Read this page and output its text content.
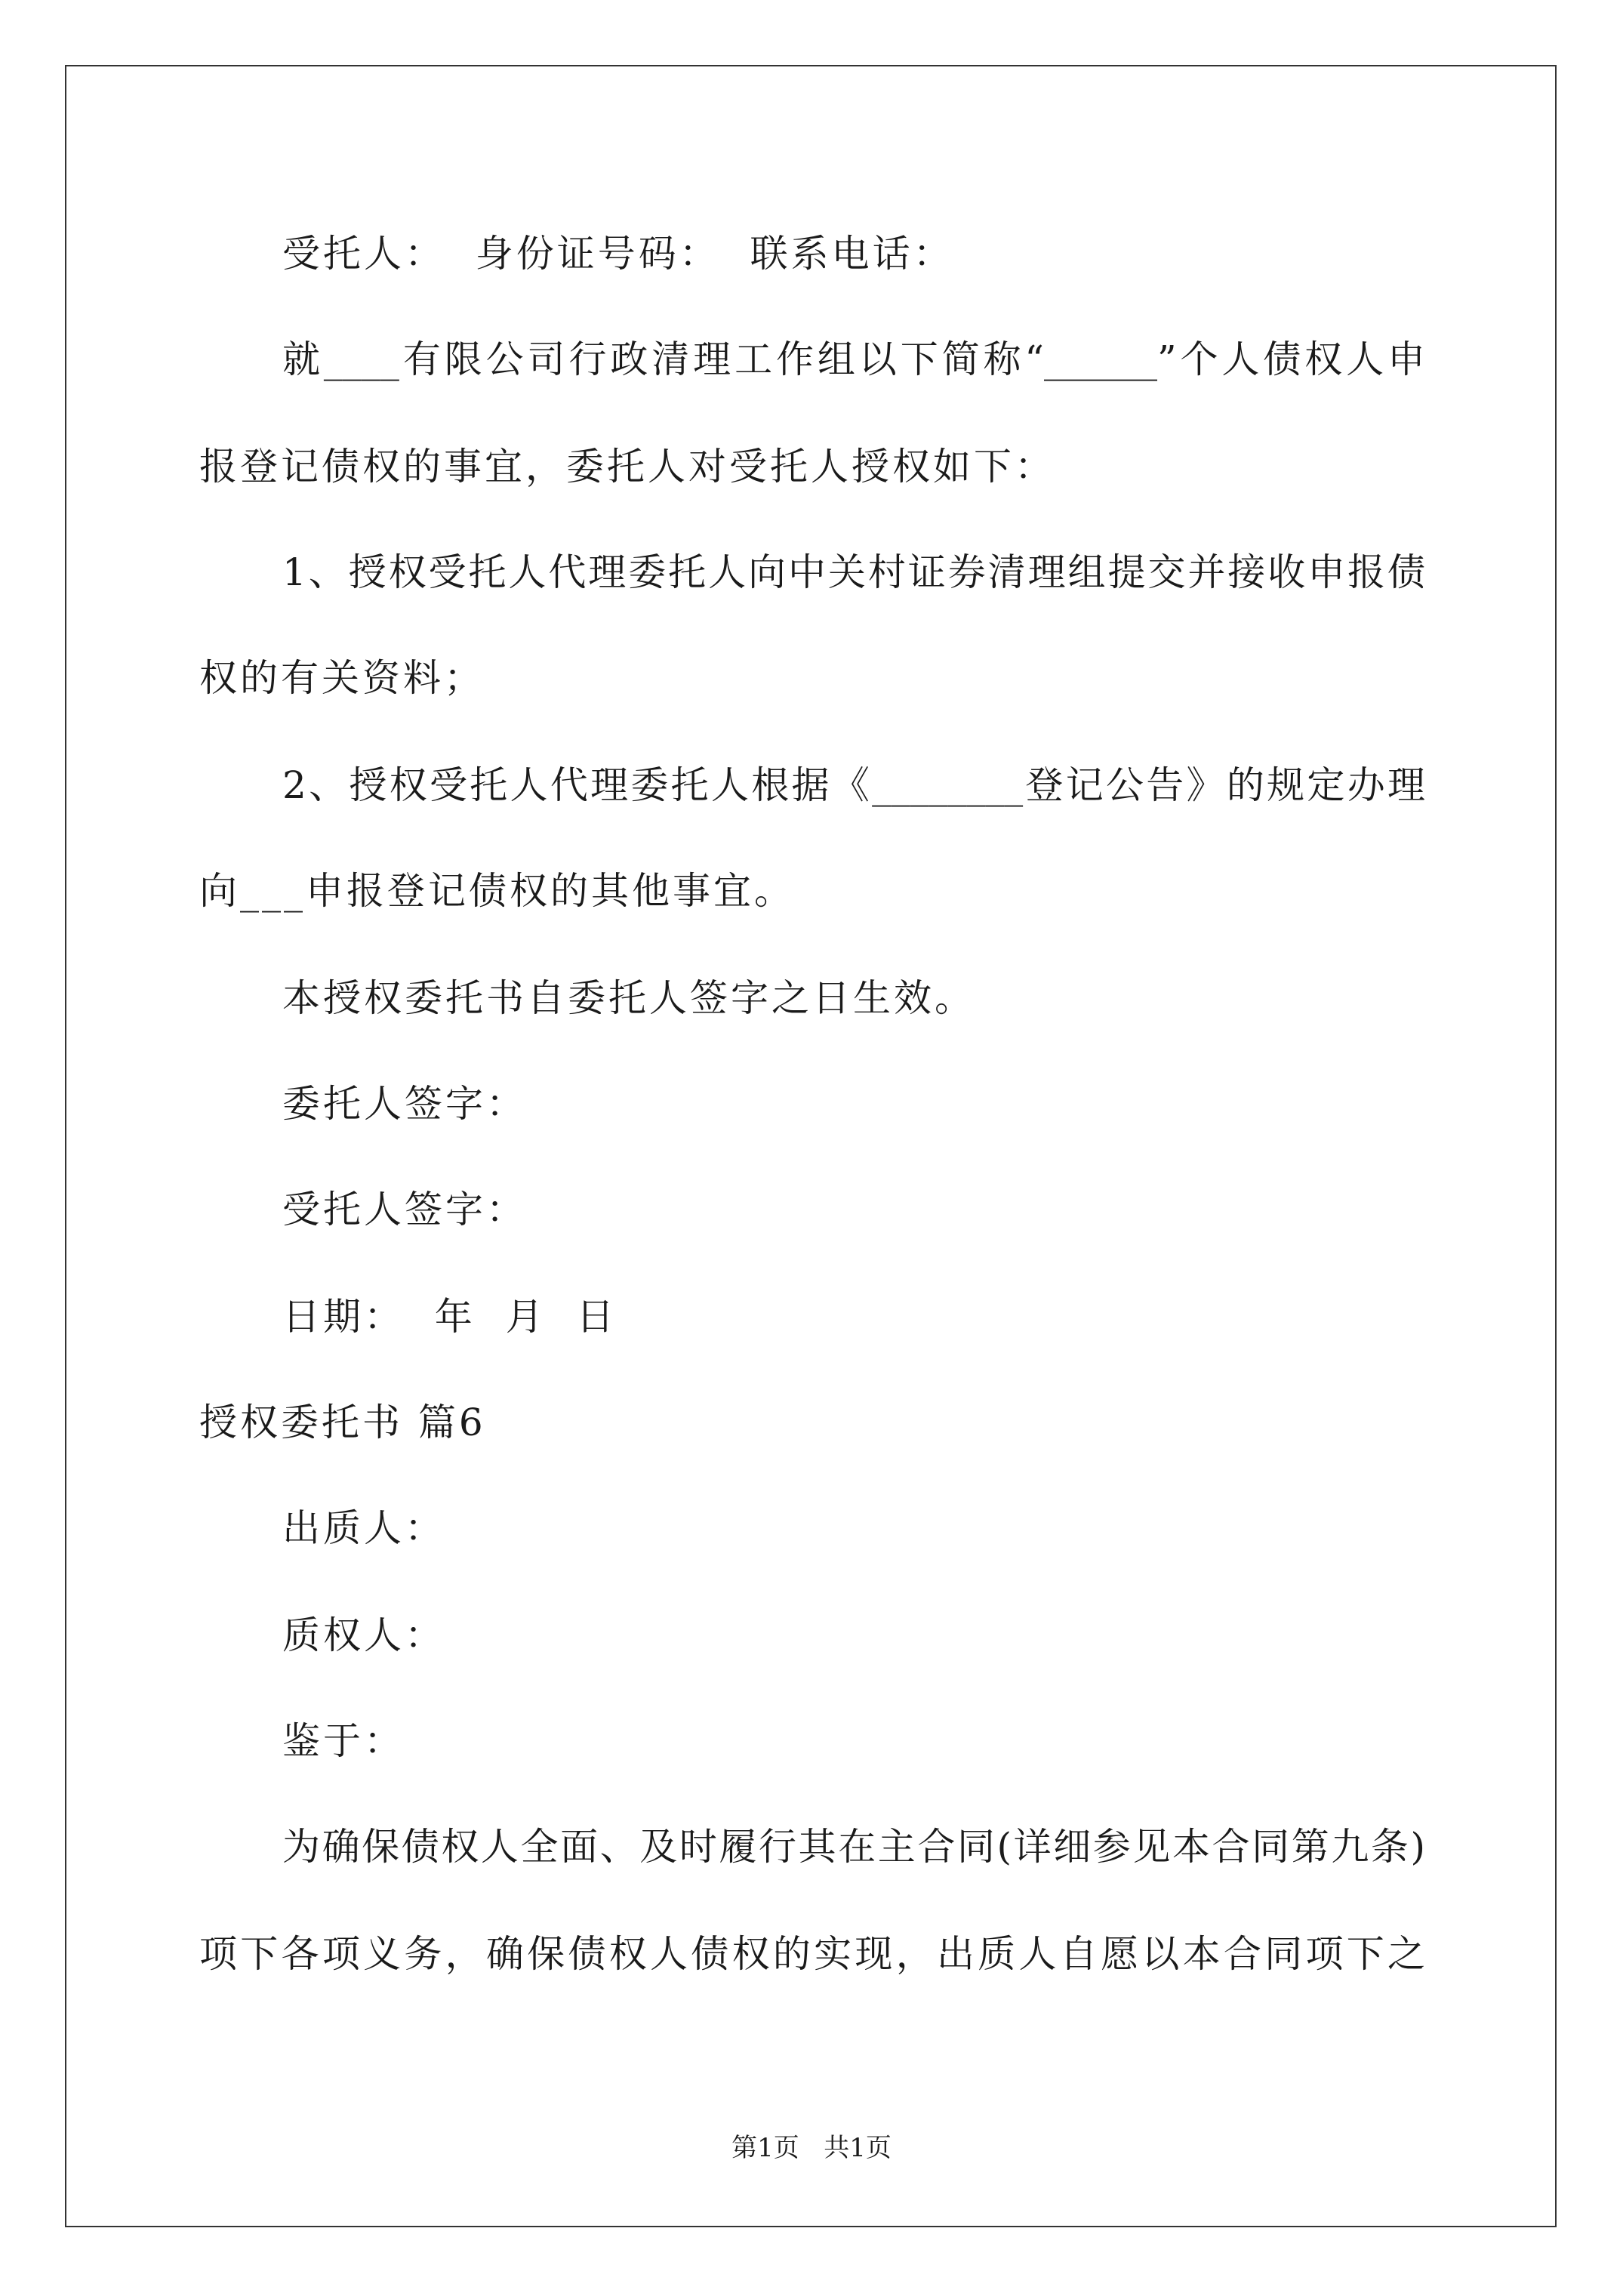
受托人：  身份证号码：  联系电话：
就____有限公司行政清理工作组以下简称“______”个人债权人申
报登记债权的事宜，委托人对受托人授权如下：
1、授权受托人代理委托人向中关村证券清理组提交并接收申报债
权的有关资料；
2、授权受托人代理委托人根据《________登记公告》的规定办理
向___申报登记债权的其他事宜。
本授权委托书自委托人签字之日生效。
委托人签字：
受托人签字：
日期：  年  月  日
授权委托书 篇6
出质人：
质权人：
鉴于：
为确保债权人全面、及时履行其在主合同(详细参见本合同第九条)
项下各项义务，确保债权人债权的实现，出质人自愿以本合同项下之
第1页   共1页
